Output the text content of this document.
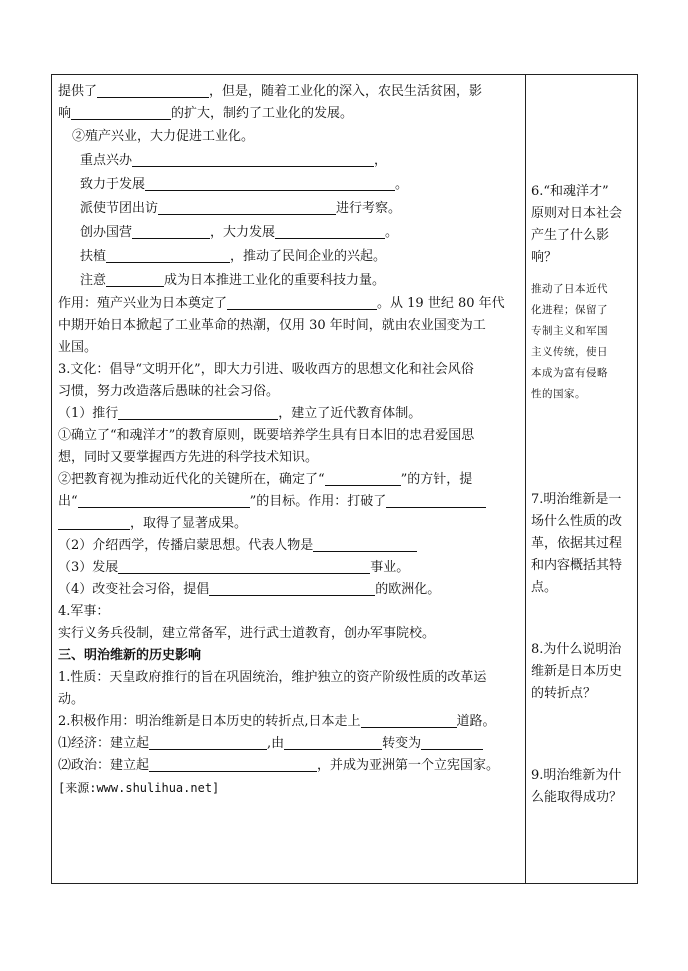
提供了	，但是，随着工业化的深入，农民生活贫困，影
响	的扩大，制约了工业化的发展。
②殖产兴业，大力促进工业化。
重点兴办	，
致力于发展	。
派使节团出访	进行考察。
创办国营	，大力发展	。
扶植	，推动了民间企业的兴起。
注意	成为日本推进工业化的重要科技力量。
作用：殖产兴业为日本奠定了	。从 19 世纪 80 年代
中期开始日本掀起了工业革命的热潮，仅用 30 年时间，就由农业国变为工
业国。
3.文化：倡导“文明开化”，即大力引进、吸收西方的思想文化和社会风俗
习惯，努力改造落后愚昧的社会习俗。
（1）推行	，建立了近代教育体制。
①确立了“和魂洋才”的教育原则，既要培养学生具有日本旧的忠君爱国思
想，同时又要掌握西方先进的科学技术知识。
②把教育视为推动近代化的关键所在，确定了“	”的方针，提
出“	”的目标。作用：打破了
，取得了显著成果。
（2）介绍西学，传播启蒙思想。代表人物是
（3）发展	事业。
（4）改变社会习俗，提倡	的欧洲化。
4.军事：
实行义务兵役制，建立常备军，进行武士道教育，创办军事院校。
三、明治维新的历史影响
1.性质：天皇政府推行的旨在巩固统治，维护独立的资产阶级性质的改革运
动。
2.积极作用：明治维新是日本历史的转折点,日本走上	道路。
⑴经济：建立起	,由	转变为
⑵政治：建立起	，并成为亚洲第一个立宪国家。
[来源:www.shulihua.net]
6.“和魂洋才”
原则对日本社会
产生了什么影
响？
推动了日本近代
化进程；保留了
专制主义和军国
主义传统，使日
本成为富有侵略
性的国家。
7.明治维新是一
场什么性质的改
革，依据其过程
和内容概括其特
点。
8.为什么说明治
维新是日本历史
的转折点？
9.明治维新为什
么能取得成功？
